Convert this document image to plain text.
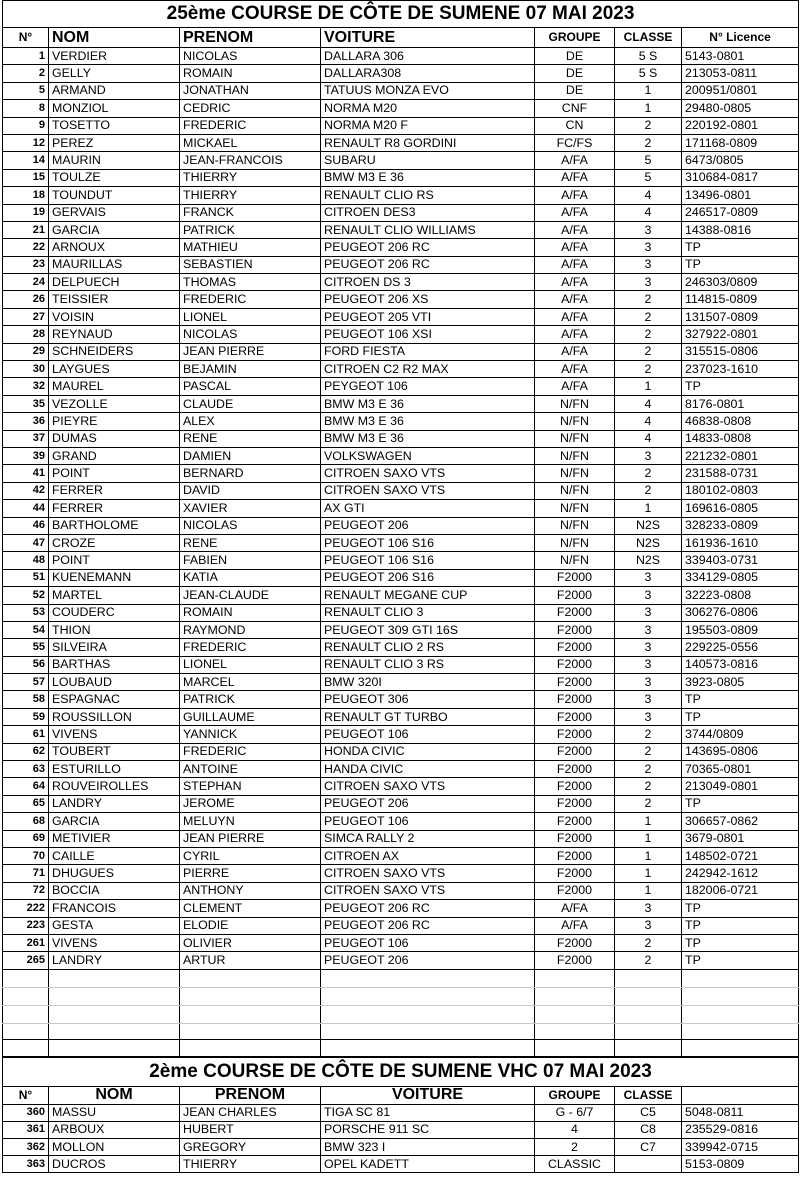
25ème COURSE DE CÔTE DE SUMENE 07 MAI 2023						
N°	NOM	PRENOM	VOITURE	GROUPE	CLASSE	N° Licence
1	VERDIER	NICOLAS	DALLARA 306	DE	5 S	5143-0801
2	GELLY	ROMAIN	DALLARA308	DE	5 S	213053-0811
5	ARMAND	JONATHAN	TATUUS MONZA EVO	DE	1	200951/0801
8	MONZIOL	CEDRIC	NORMA M20	CNF	1	29480-0805
9	TOSETTO	FREDERIC	NORMA M20 F	CN	2	220192-0801
12	PEREZ	MICKAEL	RENAULT R8 GORDINI	FC/FS	2	171168-0809
14	MAURIN	JEAN-FRANCOIS	SUBARU	A/FA	5	6473/0805
15	TOULZE	THIERRY	BMW M3 E 36	A/FA	5	310684-0817
18	TOUNDUT	THIERRY	RENAULT CLIO RS	A/FA	4	13496-0801
19	GERVAIS	FRANCK	CITROEN DES3	A/FA	4	246517-0809
21	GARCIA	PATRICK	RENAULT CLIO WILLIAMS	A/FA	3	14388-0816
22	ARNOUX	MATHIEU	PEUGEOT 206 RC	A/FA	3	TP
23	MAURILLAS	SEBASTIEN	PEUGEOT 206 RC	A/FA	3	TP
24	DELPUECH	THOMAS	CITROEN DS 3	A/FA	3	246303/0809
26	TEISSIER	FREDERIC	PEUGEOT 206 XS	A/FA	2	114815-0809
27	VOISIN	LIONEL	PEUGEOT 205 VTI	A/FA	2	131507-0809
28	REYNAUD	NICOLAS	PEUGEOT 106 XSI	A/FA	2	327922-0801
29	SCHNEIDERS	JEAN PIERRE	FORD FIESTA	A/FA	2	315515-0806
30	LAYGUES	BEJAMIN	CITROEN C2 R2 MAX	A/FA	2	237023-1610
32	MAUREL	PASCAL	PEYGEOT 106	A/FA	1	TP
35	VEZOLLE	CLAUDE	BMW M3 E 36	N/FN	4	8176-0801
36	PIEYRE	ALEX	BMW M3 E 36	N/FN	4	46838-0808
37	DUMAS	RENE	BMW M3 E 36	N/FN	4	14833-0808
39	GRAND	DAMIEN	VOLKSWAGEN	N/FN	3	221232-0801
41	POINT	BERNARD	CITROEN SAXO VTS	N/FN	2	231588-0731
42	FERRER	DAVID	CITROEN SAXO VTS	N/FN	2	180102-0803
44	FERRER	XAVIER	AX GTI	N/FN	1	169616-0805
46	BARTHOLOME	NICOLAS	PEUGEOT 206	N/FN	N2S	328233-0809
47	CROZE	RENE	PEUGEOT 106 S16	N/FN	N2S	161936-1610
48	POINT	FABIEN	PEUGEOT 106 S16	N/FN	N2S	339403-0731
51	KUENEMANN	KATIA	PEUGEOT 206 S16	F2000	3	334129-0805
52	MARTEL	JEAN-CLAUDE	RENAULT MEGANE CUP	F2000	3	32223-0808
53	COUDERC	ROMAIN	RENAULT CLIO 3	F2000	3	306276-0806
54	THION	RAYMOND	PEUGEOT 309 GTI 16S	F2000	3	195503-0809
55	SILVEIRA	FREDERIC	RENAULT CLIO 2 RS	F2000	3	229225-0556
56	BARTHAS	LIONEL	RENAULT CLIO 3 RS	F2000	3	140573-0816
57	LOUBAUD	MARCEL	BMW 320I	F2000	3	3923-0805
58	ESPAGNAC	PATRICK	PEUGEOT 306	F2000	3	TP
59	ROUSSILLON	GUILLAUME	RENAULT GT TURBO	F2000	3	TP
61	VIVENS	YANNICK	PEUGEOT 106	F2000	2	3744/0809
62	TOUBERT	FREDERIC	HONDA CIVIC	F2000	2	143695-0806
63	ESTURILLO	ANTOINE	HANDA CIVIC	F2000	2	70365-0801
64	ROUVEIROLLES	STEPHAN	CITROEN SAXO VTS	F2000	2	213049-0801
65	LANDRY	JEROME	PEUGEOT 206	F2000	2	TP
68	GARCIA	MELUYN	PEUGEOT 106	F2000	1	306657-0862
69	METIVIER	JEAN PIERRE	SIMCA RALLY 2	F2000	1	3679-0801
70	CAILLE	CYRIL	CITROEN AX	F2000	1	148502-0721
71	DHUGUES	PIERRE	CITROEN SAXO VTS	F2000	1	242942-1612
72	BOCCIA	ANTHONY	CITROEN SAXO VTS	F2000	1	182006-0721
222	FRANCOIS	CLEMENT	PEUGEOT 206 RC	A/FA	3	TP
223	GESTA	ELODIE	PEUGEOT 206 RC	A/FA	3	TP
261	VIVENS	OLIVIER	PEUGEOT 106	F2000	2	TP
265	LANDRY	ARTUR	PEUGEOT 206	F2000	2	TP

2ème COURSE DE CÔTE DE SUMENE VHC 07 MAI 2023						
N°	NOM	PRENOM	VOITURE	GROUPE	CLASSE	
360	MASSU	JEAN CHARLES	TIGA SC 81	G - 6/7	C5	5048-0811
361	ARBOUX	HUBERT	PORSCHE 911 SC	4	C8	235529-0816
362	MOLLON	GREGORY	BMW 323 I	2	C7	339942-0715
363	DUCROS	THIERRY	OPEL KADETT	CLASSIC		5153-0809
